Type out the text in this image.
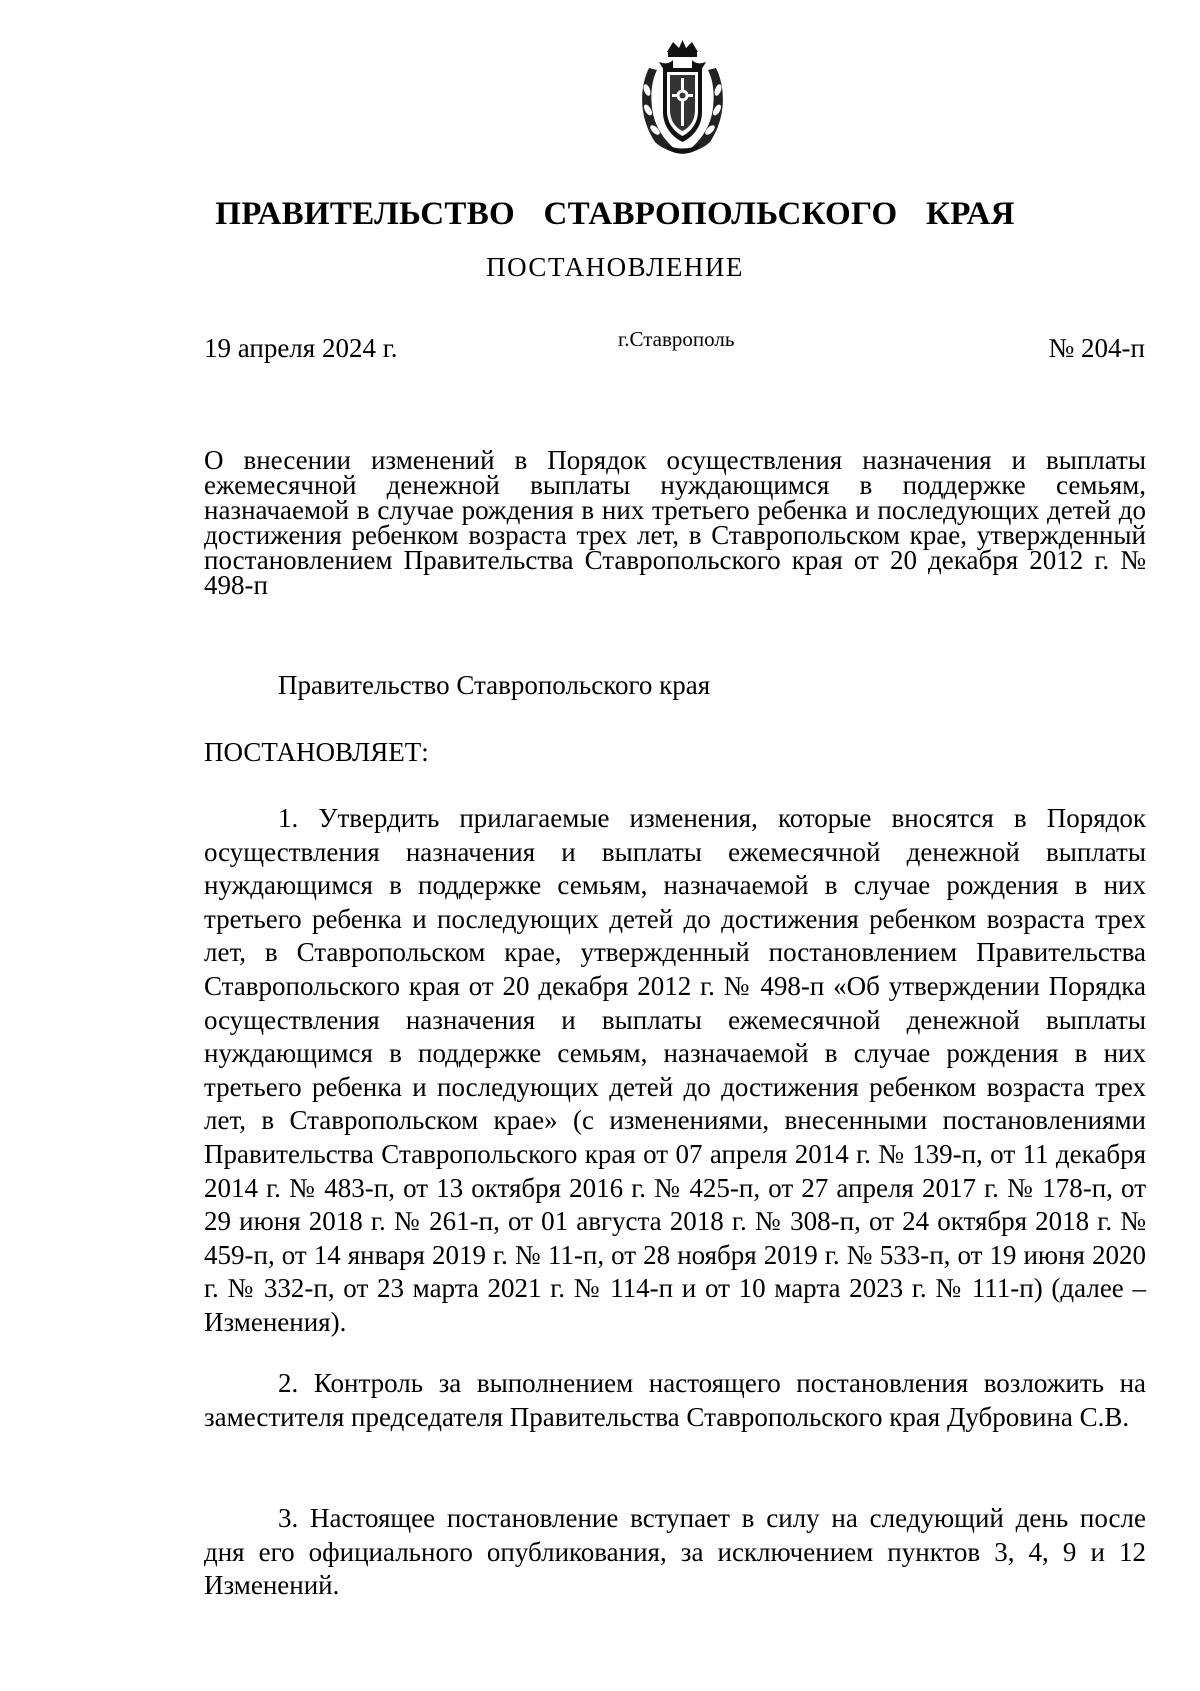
ПРАВИТЕЛЬСТВО СТАВРОПОЛЬСКОГО КРАЯ
ПОСТАНОВЛЕНИЕ
19 апреля 2024 г.	г.Ставрополь	№ 204-п
О внесении изменений в Порядок осуществления назначения и выплаты ежемесячной денежной выплаты нуждающимся в поддержке семьям, назначаемой в случае рождения в них третьего ребенка и последующих детей до достижения ребенком возраста трех лет, в Ставропольском крае, утвержденный постановлением Правительства Ставропольского края от 20 декабря 2012 г. № 498-п
Правительство Ставропольского края
ПОСТАНОВЛЯЕТ:

1. Утвердить прилагаемые изменения, которые вносятся в Порядок осуществления назначения и выплаты ежемесячной денежной выплаты нуждающимся в поддержке семьям, назначаемой в случае рождения в них третьего ребенка и последующих детей до достижения ребенком возраста трех лет, в Ставропольском крае, утвержденный постановлением Правительства Ставропольского края от 20 декабря 2012 г. № 498-п «Об утверждении Порядка осуществления назначения и выплаты ежемесячной денежной выплаты нуждающимся в поддержке семьям, назначаемой в случае рождения в них третьего ребенка и последующих детей до достижения ребенком возраста трех лет, в Ставропольском крае» (с изменениями, внесенными постановлениями Правительства Ставропольского края от 07 апреля 2014 г. № 139-п, от 11 декабря 2014 г. № 483-п, от 13 октября 2016 г. № 425-п, от 27 апреля 2017 г. № 178-п, от 29 июня 2018 г. № 261-п, от 01 августа 2018 г. № 308-п, от 24 октября 2018 г. № 459-п, от 14 января 2019 г. № 11-п, от 28 ноября 2019 г. № 533-п, от 19 июня 2020 г. № 332-п, от 23 марта 2021 г. № 114-п и от 10 марта 2023 г. № 111-п) (далее – Изменения).

2. Контроль за выполнением настоящего постановления возложить на заместителя председателя Правительства Ставропольского края Дубровина С.В.

3. Настоящее постановление вступает в силу на следующий день после дня его официального опубликования, за исключением пунктов 3, 4, 9 и 12 Изменений.
